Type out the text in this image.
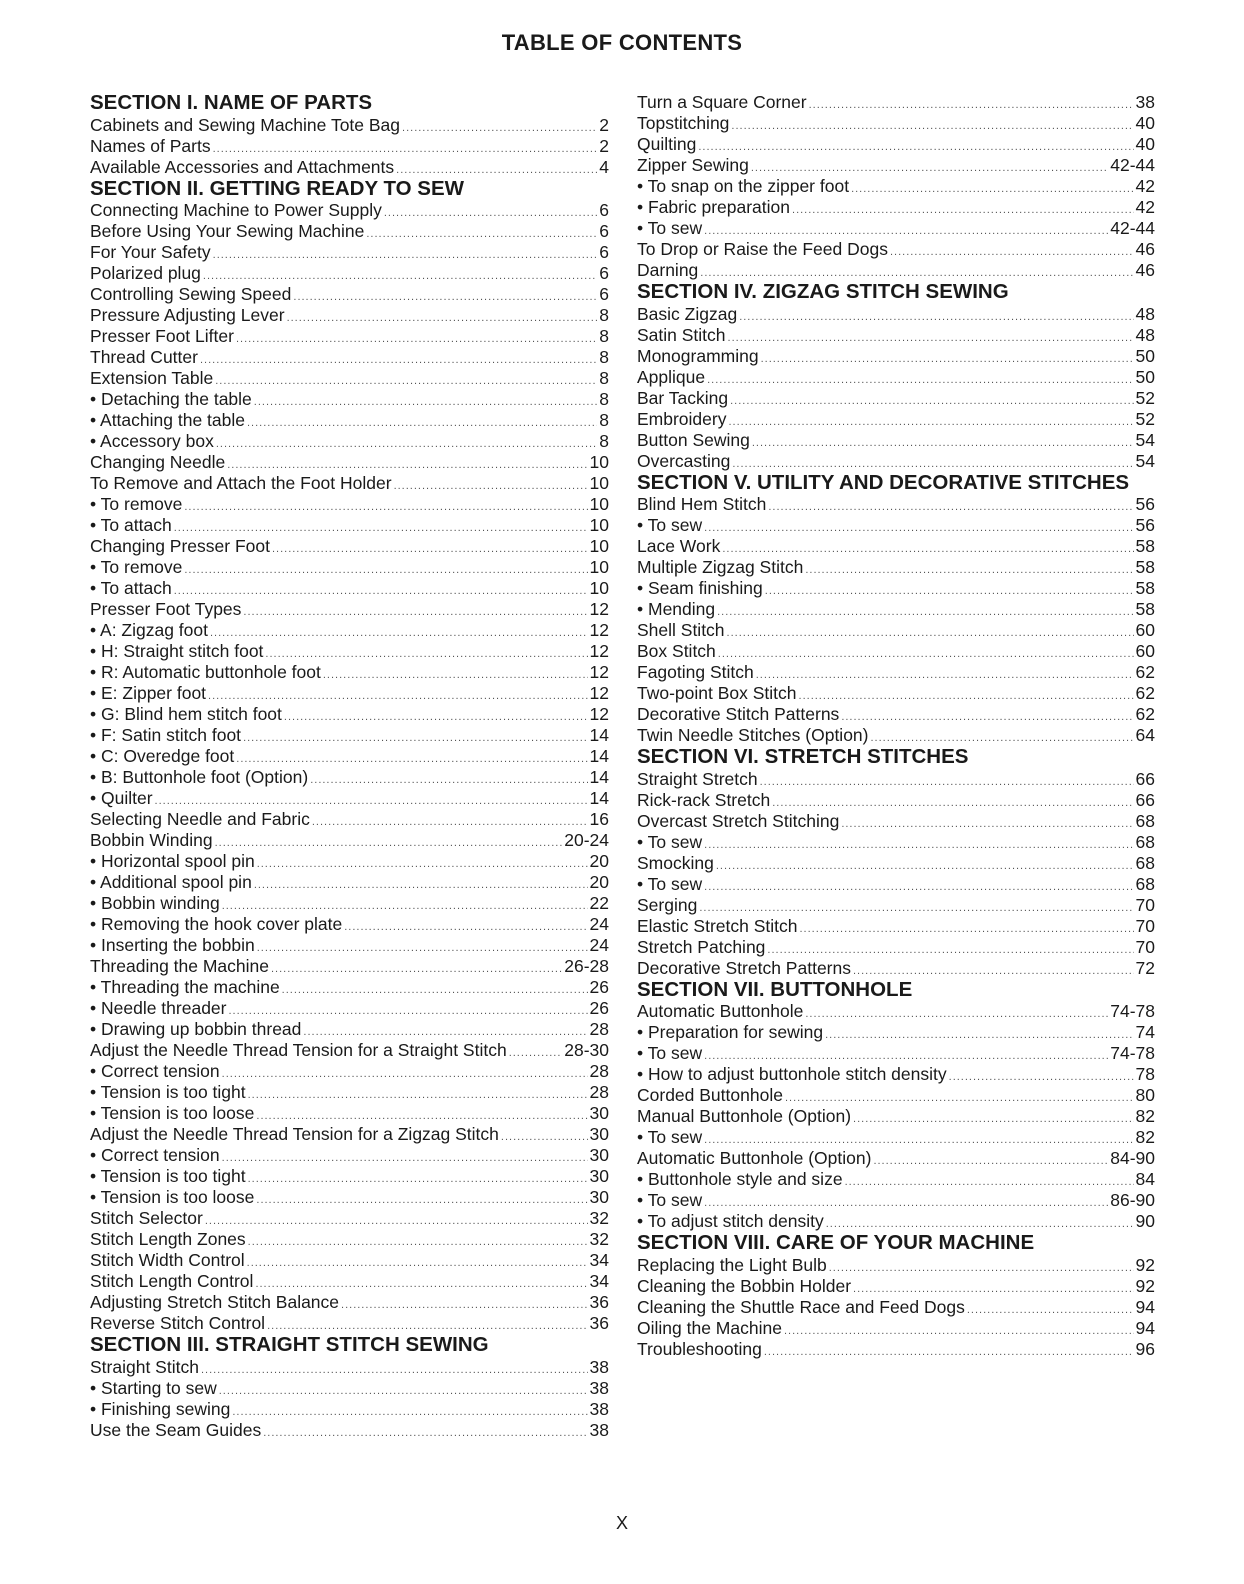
TABLE OF CONTENTS
SECTION I. NAME OF PARTS
Cabinets and Sewing Machine Tote Bag .....	2
Names of Parts .....	2
Available Accessories and Attachments .....	4
SECTION II. GETTING READY TO SEW
Connecting Machine to Power Supply .....	6
Before Using Your Sewing Machine .....	6
For Your Safety .....	6
Polarized plug .....	6
Controlling Sewing Speed .....	6
Pressure Adjusting Lever .....	8
Presser Foot Lifter .....	8
Thread Cutter .....	8
Extension Table .....	8
• Detaching the table .....	8
• Attaching the table .....	8
• Accessory box .....	8
Changing Needle .....	10
To Remove and Attach the Foot Holder .....	10
• To remove .....	10
• To attach .....	10
Changing Presser Foot .....	10
• To remove .....	10
• To attach .....	10
Presser Foot Types .....	12
• A: Zigzag foot .....	12
• H: Straight stitch foot .....	12
• R: Automatic buttonhole foot .....	12
• E: Zipper foot .....	12
• G: Blind hem stitch foot .....	12
• F: Satin stitch foot .....	14
• C: Overedge foot .....	14
• B: Buttonhole foot (Option) .....	14
• Quilter .....	14
Selecting Needle and Fabric .....	16
Bobbin Winding .....	20-24
• Horizontal spool pin .....	20
• Additional spool pin .....	20
• Bobbin winding .....	22
• Removing the hook cover plate .....	24
• Inserting the bobbin .....	24
Threading the Machine .....	26-28
• Threading the machine .....	26
• Needle threader .....	26
• Drawing up bobbin thread .....	28
Adjust the Needle Thread Tension for a Straight Stitch .....	28-30
• Correct tension .....	28
• Tension is too tight .....	28
• Tension is too loose .....	30
Adjust the Needle Thread Tension for a Zigzag Stitch .....	30
• Correct tension .....	30
• Tension is too tight .....	30
• Tension is too loose .....	30
Stitch Selector .....	32
Stitch Length Zones .....	32
Stitch Width Control .....	34
Stitch Length Control .....	34
Adjusting Stretch Stitch Balance .....	36
Reverse Stitch Control .....	36
SECTION III. STRAIGHT STITCH SEWING
Straight Stitch .....	38
• Starting to sew .....	38
• Finishing sewing .....	38
Use the Seam Guides .....	38
Turn a Square Corner .....	38
Topstitching .....	40
Quilting .....	40
Zipper Sewing .....	42-44
• To snap on the zipper foot .....	42
• Fabric preparation .....	42
• To sew .....	42-44
To Drop or Raise the Feed Dogs .....	46
Darning .....	46
SECTION IV. ZIGZAG STITCH SEWING
Basic Zigzag .....	48
Satin Stitch .....	48
Monogramming .....	50
Applique .....	50
Bar Tacking .....	52
Embroidery .....	52
Button Sewing .....	54
Overcasting .....	54
SECTION V. UTILITY AND DECORATIVE STITCHES
Blind Hem Stitch .....	56
• To sew .....	56
Lace Work .....	58
Multiple Zigzag Stitch .....	58
• Seam finishing .....	58
• Mending .....	58
Shell Stitch .....	60
Box Stitch .....	60
Fagoting Stitch .....	62
Two-point Box Stitch .....	62
Decorative Stitch Patterns .....	62
Twin Needle Stitches (Option) .....	64
SECTION VI. STRETCH STITCHES
Straight Stretch .....	66
Rick-rack Stretch .....	66
Overcast Stretch Stitching .....	68
• To sew .....	68
Smocking .....	68
• To sew .....	68
Serging .....	70
Elastic Stretch Stitch .....	70
Stretch Patching .....	70
Decorative Stretch Patterns .....	72
SECTION VII. BUTTONHOLE
Automatic Buttonhole .....	74-78
• Preparation for sewing .....	74
• To sew .....	74-78
• How to adjust buttonhole stitch density .....	78
Corded Buttonhole .....	80
Manual Buttonhole (Option) .....	82
• To sew .....	82
Automatic Buttonhole (Option) .....	84-90
• Buttonhole style and size .....	84
• To sew .....	86-90
• To adjust stitch density .....	90
SECTION VIII. CARE OF YOUR MACHINE
Replacing the Light Bulb .....	92
Cleaning the Bobbin Holder .....	92
Cleaning the Shuttle Race and Feed Dogs .....	94
Oiling the Machine .....	94
Troubleshooting .....	96
X
